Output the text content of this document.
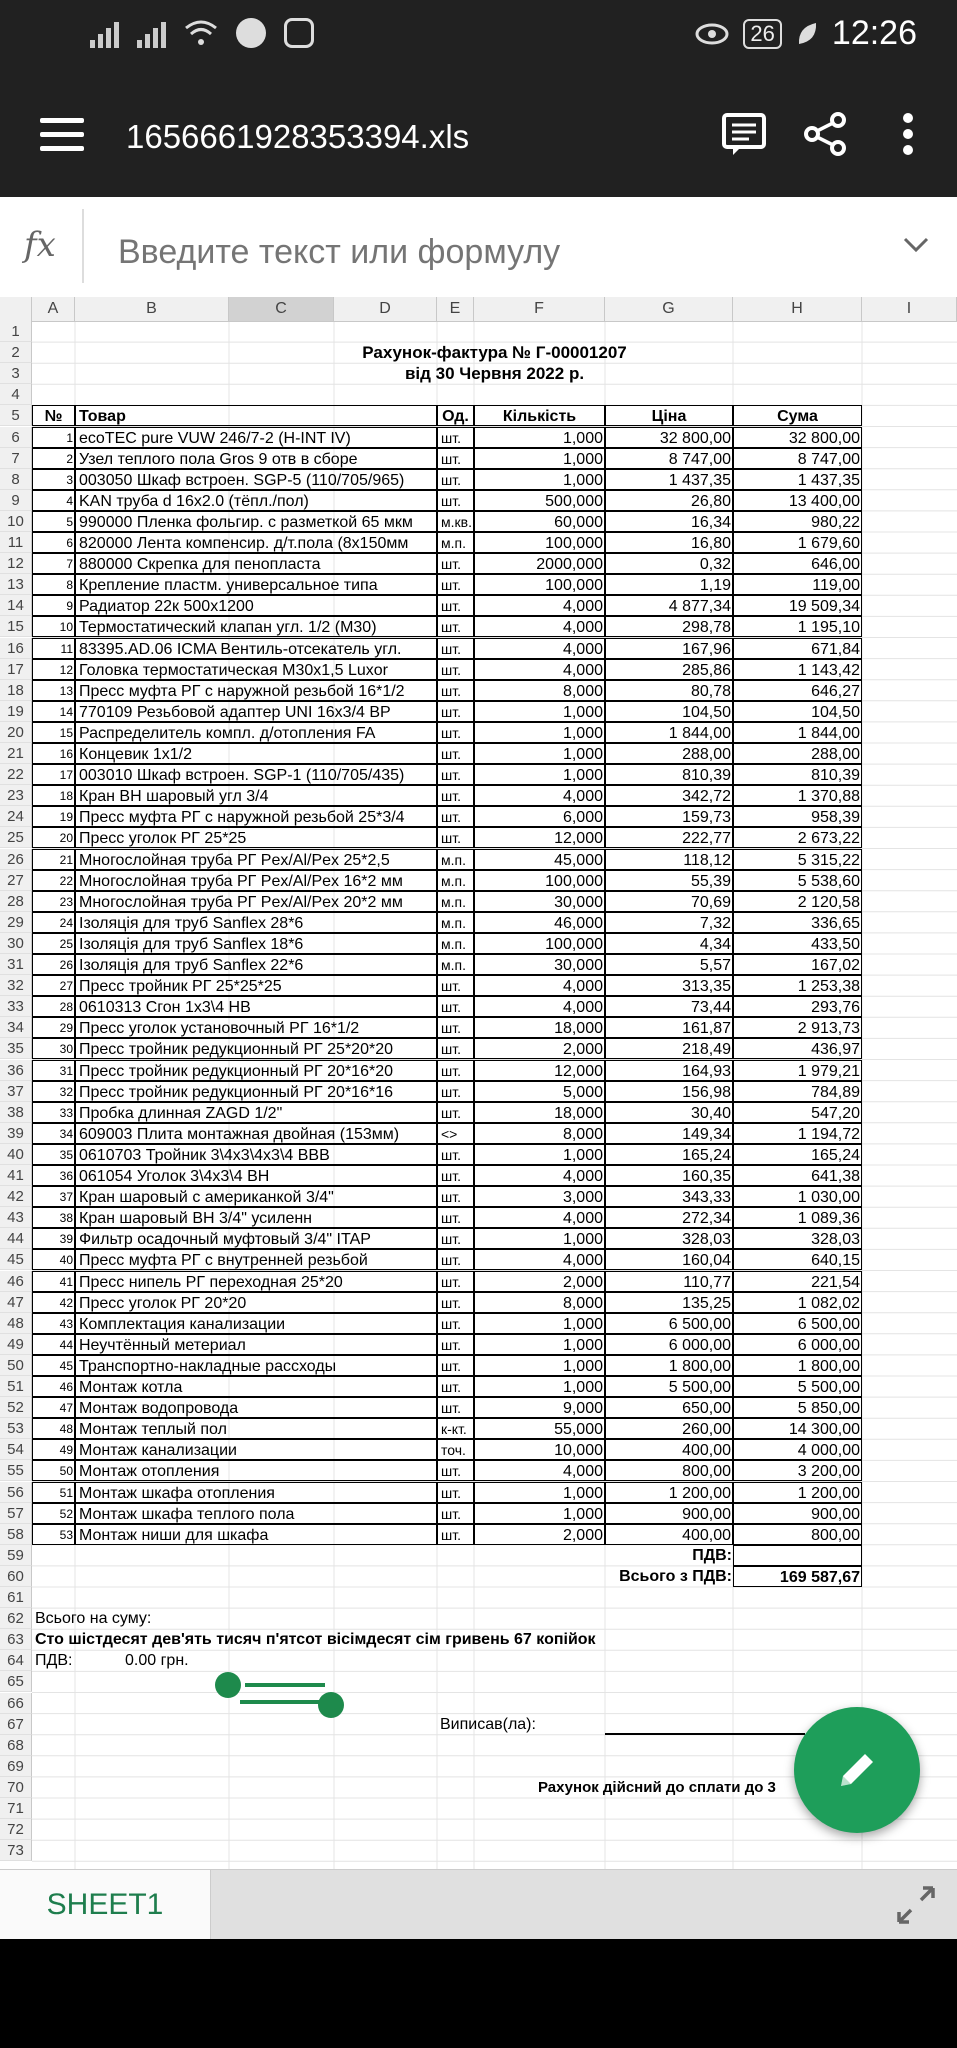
26 12:26
1656661928353394.xls
fx
Введите текст или формулу
A	B	C	D	E	F	G	H	I
1
2
3
4
5
6
7
8
9
10
11
12
13
14
15
16
17
18
19
20
21
22
23
24
25
26
27
28
29
30
31
32
33
34
35
36
37
38
39
40
41
42
43
44
45
46
47
48
49
50
51
52
53
54
55
56
57
58
59
60
61
62
63
64
65
66
67
68
69
70
71
72
73
Рахунок-фактура № Г-00001207
від 30 Червня 2022 р.
№	Товар	Од.	Кількість	Ціна	Сума
1 ecoTEC pure VUW 246/7-2 (H-INT IV)	шт.	1,000	32 800,00	32 800,00
2 Узел теплого пола Gros 9 отв в сборе	шт.	1,000	8 747,00	8 747,00
3 003050 Шкаф встроен. SGP-5 (110/705/965)	шт.	1,000	1 437,35	1 437,35
4 KAN труба d 16x2.0 (тёпл./пол)	шт.	500,000	26,80	13 400,00
5 990000 Пленка фольгир. с разметкой 65 мкм	м.кв.	60,000	16,34	980,22
6 820000 Лента компенсир. д/т.пола (8x150мм	м.п.	100,000	16,80	1 679,60
7 880000 Скрепка для пенопласта	шт.	2000,000	0,32	646,00
8 Крепление пластм. универсальное типа	шт.	100,000	1,19	119,00
9 Радиатор 22к 500x1200	шт.	4,000	4 877,34	19 509,34
10 Термостатический клапан угл. 1/2 (M30)	шт.	4,000	298,78	1 195,10
11 83395.AD.06 ICMA Вентиль-отсекатель угл.	шт.	4,000	167,96	671,84
12 Головка термостатическая M30x1,5 Luxor	шт.	4,000	285,86	1 143,42
13 Пресс муфта РГ с наружной резьбой 16*1/2	шт.	8,000	80,78	646,27
14 770109 Резьбовой адаптер UNI 16x3/4 ВР	шт.	1,000	104,50	104,50
15 Распределитель компл. д/отопления FA	шт.	1,000	1 844,00	1 844,00
16 Концевик 1x1/2	шт.	1,000	288,00	288,00
17 003010 Шкаф встроен. SGP-1 (110/705/435)	шт.	1,000	810,39	810,39
18 Кран ВН шаровый угл 3/4	шт.	4,000	342,72	1 370,88
19 Пресс муфта РГ с наружной резьбой 25*3/4	шт.	6,000	159,73	958,39
20 Пресс уголок РГ 25*25	шт.	12,000	222,77	2 673,22
21 Многослойная труба РГ Pex/Al/Pex 25*2,5	м.п.	45,000	118,12	5 315,22
22 Многослойная труба РГ Pex/Al/Pex 16*2 мм	м.п.	100,000	55,39	5 538,60
23 Многослойная труба РГ Pex/Al/Pex 20*2 мм	м.п.	30,000	70,69	2 120,58
24 Ізоляція для труб Sanflex 28*6	м.п.	46,000	7,32	336,65
25 Ізоляція для труб Sanflex 18*6	м.п.	100,000	4,34	433,50
26 Ізоляція для труб Sanflex 22*6	м.п.	30,000	5,57	167,02
27 Пресс тройник РГ 25*25*25	шт.	4,000	313,35	1 253,38
28 0610313 Сгон 1x3\4 НВ	шт.	4,000	73,44	293,76
29 Пресс уголок установочный РГ 16*1/2	шт.	18,000	161,87	2 913,73
30 Пресс тройник редукционный РГ 25*20*20	шт.	2,000	218,49	436,97
31 Пресс тройник редукционный РГ 20*16*20	шт.	12,000	164,93	1 979,21
32 Пресс тройник редукционный РГ 20*16*16	шт.	5,000	156,98	784,89
33 Пробка длинная ZAGD 1/2"	шт.	18,000	30,40	547,20
34 609003 Плита монтажная двойная (153мм)	<>	8,000	149,34	1 194,72
35 0610703 Тройник 3\4x3\4x3\4 ВВВ	шт.	1,000	165,24	165,24
36 061054 Уголок 3\4x3\4 ВН	шт.	4,000	160,35	641,38
37 Кран шаровый с американкой 3/4"	шт.	3,000	343,33	1 030,00
38 Кран шаровый ВН 3/4" усиленн	шт.	4,000	272,34	1 089,36
39 Фильтр осадочный муфтовый 3/4" ITAP	шт.	1,000	328,03	328,03
40 Пресс муфта РГ с внутренней резьбой	шт.	4,000	160,04	640,15
41 Пресс нипель РГ переходная 25*20	шт.	2,000	110,77	221,54
42 Пресс уголок РГ 20*20	шт.	8,000	135,25	1 082,02
43 Комплектация канализации	шт.	1,000	6 500,00	6 500,00
44 Неучтённый метериал	шт.	1,000	6 000,00	6 000,00
45 Транспортно-накладные рассходы	шт.	1,000	1 800,00	1 800,00
46 Монтаж котла	шт.	1,000	5 500,00	5 500,00
47 Монтаж водопровода	шт.	9,000	650,00	5 850,00
48 Монтаж теплый пол	к-кт.	55,000	260,00	14 300,00
49 Монтаж канализации	точ.	10,000	400,00	4 000,00
50 Монтаж отопления	шт.	4,000	800,00	3 200,00
51 Монтаж шкафа отопления	шт.	1,000	1 200,00	1 200,00
52 Монтаж шкафа теплого пола	шт.	1,000	900,00	900,00
53 Монтаж ниши для шкафа	шт.	2,000	400,00	800,00
ПДВ:
Всього з ПДВ:	169 587,67
Всього на суму:
Сто шістдесят дев'ять тисяч п'ятсот вісімдесят сім гривень 67 копійок
ПДВ:	0.00 грн.
Виписав(ла):
Рахунок дійсний до сплати до 3
SHEET1
